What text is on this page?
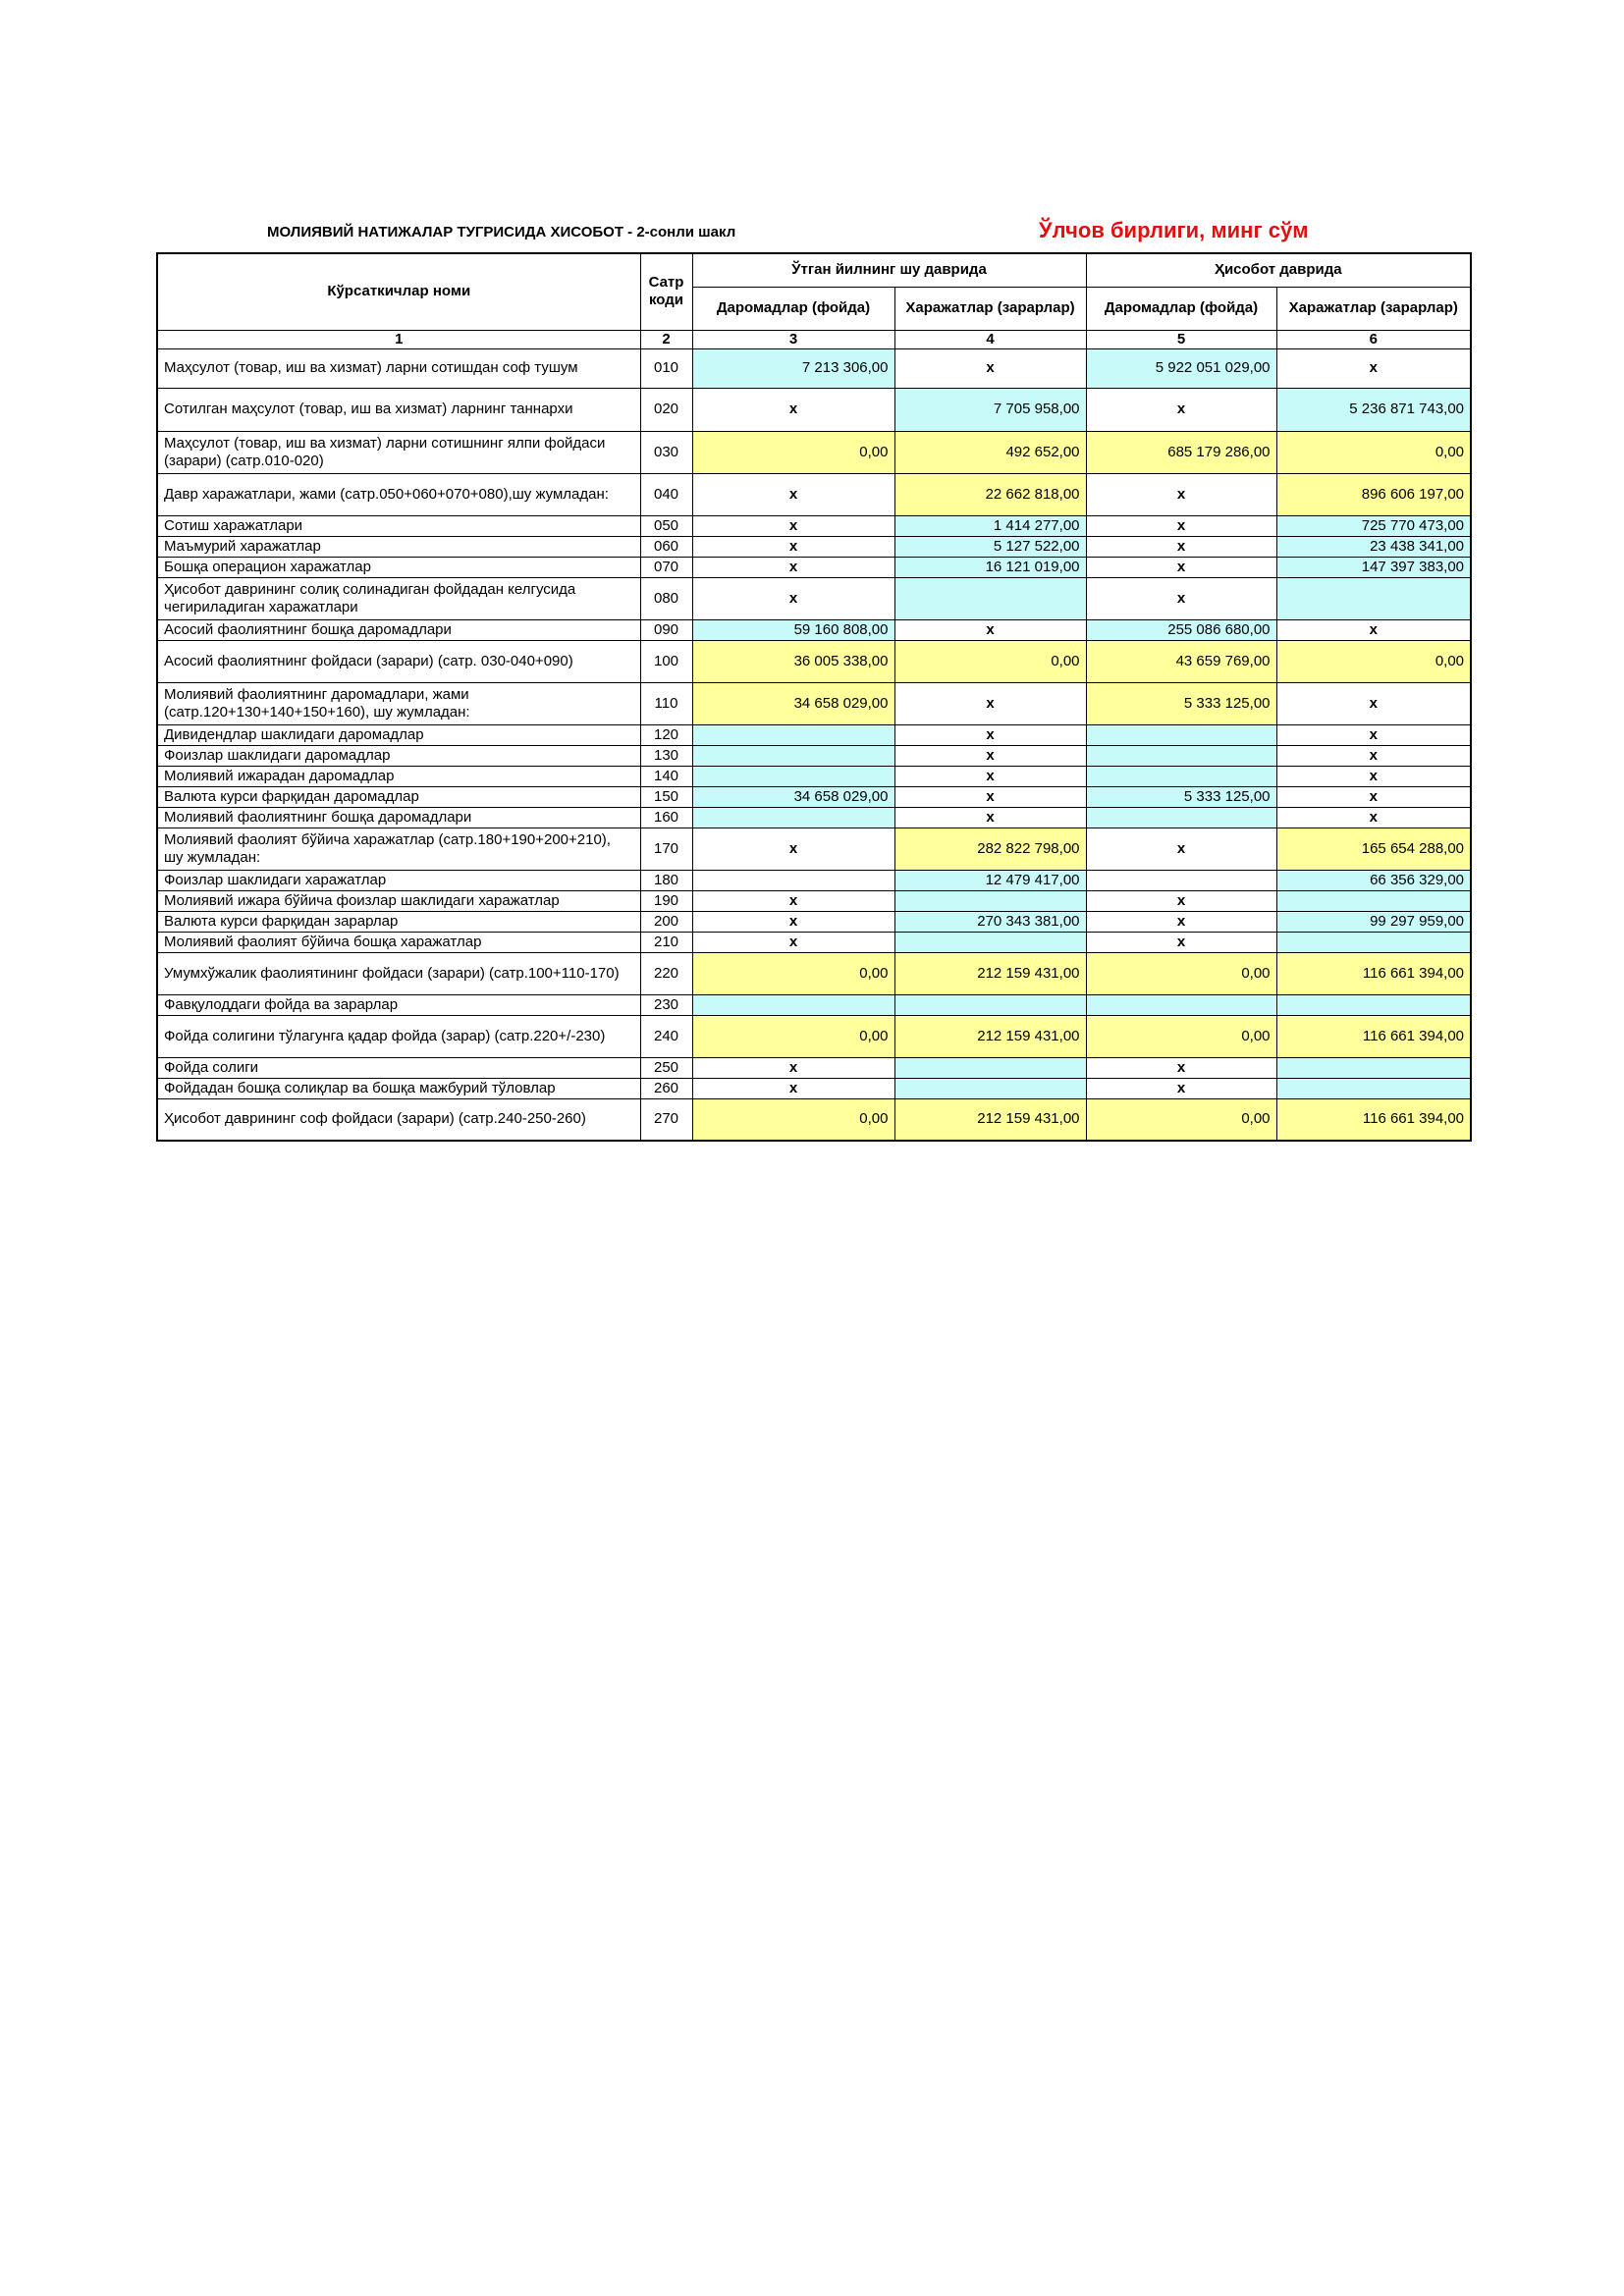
МОЛИЯВИЙ НАТИЖАЛАР ТУГРИСИДА ХИСОБОТ - 2-сонли шакл	Ўлчов бирлиги, минг сўм
Кўрсаткичлар номи	Сатр коди	Ўтган йилнинг шу даврида		Ҳисобот даврида	
		Даромадлар (фойда)	Харажатлар (зарарлар)	Даромадлар (фойда)	Харажатлар (зарарлар)
1	2	3	4	5	6
Маҳсулот (товар, иш ва хизмат) ларни сотишдан соф тушум	010	7 213 306,00	x	5 922 051 029,00	x
Сотилган маҳсулот (товар, иш ва хизмат) ларнинг таннархи	020	x	7 705 958,00	x	5 236 871 743,00
Маҳсулот (товар, иш ва хизмат) ларни сотишнинг ялпи фойдаси (зарари) (сатр.010-020)	030	0,00	492 652,00	685 179 286,00	0,00
Давр харажатлари, жами (сатр.050+060+070+080),шу жумладан:	040	x	22 662 818,00	x	896 606 197,00
Сотиш харажатлари	050	x	1 414 277,00	x	725 770 473,00
Маъмурий харажатлар	060	x	5 127 522,00	x	23 438 341,00
Бошқа операцион харажатлар	070	x	16 121 019,00	x	147 397 383,00
Ҳисобот даврининг солиқ солинадиган фойдадан келгусида чегириладиган харажатлари	080	x		x	
Асосий фаолиятнинг бошқа даромадлари	090	59 160 808,00	x	255 086 680,00	x
Асосий фаолиятнинг фойдаси (зарари) (сатр. 030-040+090)	100	36 005 338,00	0,00	43 659 769,00	0,00
Молиявий фаолиятнинг даромадлари, жами (сатр.120+130+140+150+160), шу жумладан:	110	34 658 029,00	x	5 333 125,00	x
Дивидендлар шаклидаги даромадлар	120		x		x
Фоизлар шаклидаги даромадлар	130		x		x
Молиявий ижарадан даромадлар	140		x		x
Валюта курси фарқидан даромадлар	150	34 658 029,00	x	5 333 125,00	x
Молиявий фаолиятнинг бошқа даромадлари	160		x		x
Молиявий фаолият бўйича харажатлар (сатр.180+190+200+210), шу жумладан:	170	x	282 822 798,00	x	165 654 288,00
Фоизлар шаклидаги харажатлар	180		12 479 417,00		66 356 329,00
Молиявий ижара бўйича фоизлар шаклидаги харажатлар	190	x		x	
Валюта курси фарқидан зарарлар	200	x	270 343 381,00	x	99 297 959,00
Молиявий фаолият бўйича бошқа харажатлар	210	x		x	
Умумхўжалик фаолиятининг фойдаси (зарари) (сатр.100+110-170)	220	0,00	212 159 431,00	0,00	116 661 394,00
Фавқулоддаги фойда ва зарарлар	230				
Фойда солигини тўлагунга қадар фойда (зарар) (сатр.220+/-230)	240	0,00	212 159 431,00	0,00	116 661 394,00
Фойда солиги	250	x		x	
Фойдадан бошқа солиқлар ва бошқа мажбурий тўловлар	260	x		x	
Ҳисобот даврининг соф фойдаси (зарари) (сатр.240-250-260)	270	0,00	212 159 431,00	0,00	116 661 394,00
